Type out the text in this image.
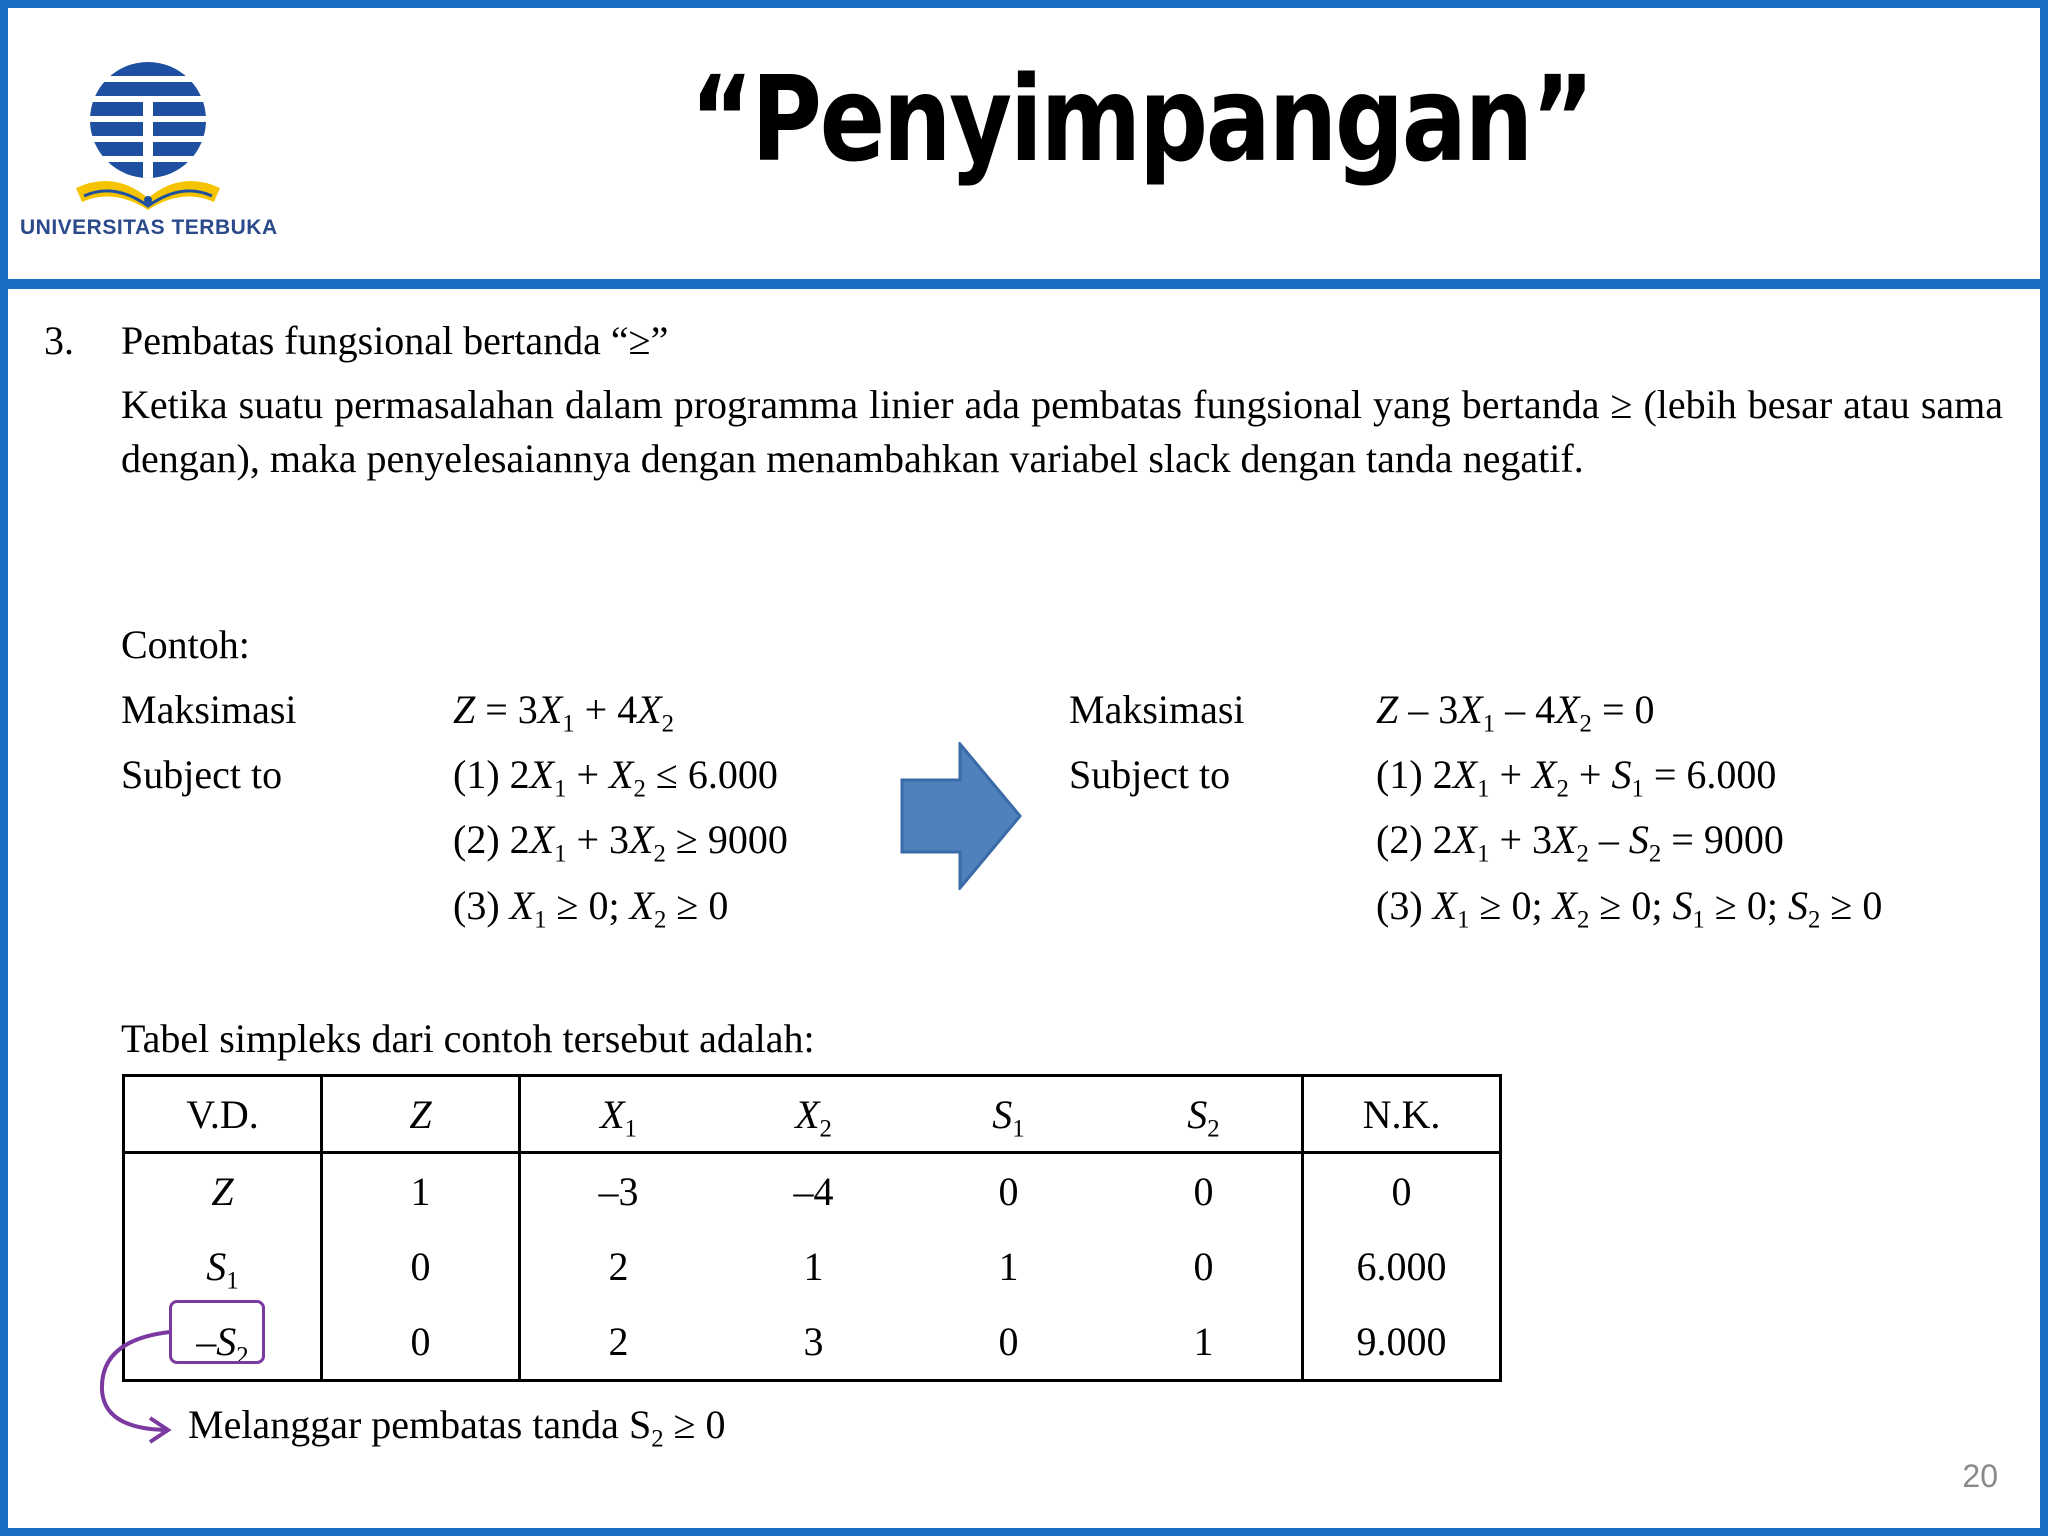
UNIVERSITAS TERBUKA
“Penyimpangan”
3. Pembatas fungsional bertanda “≥”
Ketika suatu permasalahan dalam programma linier ada pembatas fungsional yang bertanda ≥ (lebih besar atau sama dengan), maka penyelesaiannya dengan menambahkan variabel slack dengan tanda negatif.
Contoh:
Maksimasi	$Z = 3X_1 + 4X_2$
Subject to	(1) $2X_1 + X_2 \le 6.000$
(2) $2X_1 + 3X_2 \ge 9000$
(3) $X_1 \ge 0$; $X_2 \ge 0$
Maksimasi	$Z - 3X_1 - 4X_2 = 0$
Subject to	(1) $2X_1 + X_2 + S_1 = 6.000$
(2) $2X_1 + 3X_2 - S_2 = 9000$
(3) $X_1 \ge 0$; $X_2 \ge 0$; $S_1 \ge 0$; $S_2 \ge 0$
Tabel simpleks dari contoh tersebut adalah:
V.D.	Z	$X_1$	$X_2$	$S_1$	$S_2$	N.K.
Z	1	–3	–4	0	0	0
$S_1$	0	2	1	1	0	6.000
$-S_2$	0	2	3	0	1	9.000
Melanggar pembatas tanda $S_2 \ge 0$
20
